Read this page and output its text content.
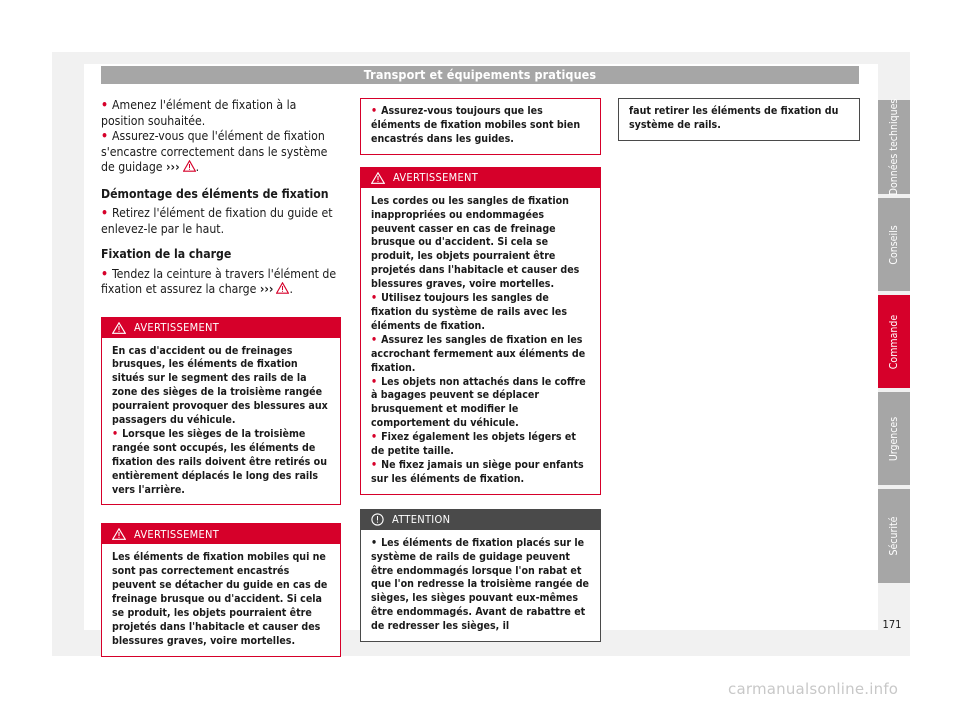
Transport et équipements pratiques

• Amenez l'élément de fixation à la position souhaitée.

• Assurez-vous que l'élément de fixation s'encastre correctement dans le système de guidage ››› .

Démontage des éléments de fixation

• Retirez l'élément de fixation du guide et enlevez-le par le haut.

Fixation de la charge

• Tendez la ceinture à travers l'élément de fixation et assurez la charge ››› .

AVERTISSEMENT

En cas d'accident ou de freinages brusques, les éléments de fixation situés sur le segment des rails de la zone des sièges de la troisième rangée pourraient provoquer des blessures aux passagers du véhicule.

• Lorsque les sièges de la troisième rangée sont occupés, les éléments de fixation des rails doivent être retirés ou entièrement déplacés le long des rails vers l'arrière.

AVERTISSEMENT

Les éléments de fixation mobiles qui ne sont pas correctement encastrés peuvent se détacher du guide en cas de freinage brusque ou d'accident. Si cela se produit, les objets pourraient être projetés dans l'habitacle et causer des blessures graves, voire mortelles.

• Assurez-vous toujours que les éléments de fixation mobiles sont bien encastrés dans les guides.

AVERTISSEMENT

Les cordes ou les sangles de fixation inappropriées ou endommagées peuvent casser en cas de freinage brusque ou d'accident. Si cela se produit, les objets pourraient être projetés dans l'habitacle et causer des blessures graves, voire mortelles.

• Utilisez toujours les sangles de fixation du système de rails avec les éléments de fixation.

• Assurez les sangles de fixation en les accrochant fermement aux éléments de fixation.

• Les objets non attachés dans le coffre à bagages peuvent se déplacer brusquement et modifier le comportement du véhicule.

• Fixez également les objets légers et de petite taille.

• Ne fixez jamais un siège pour enfants sur les éléments de fixation.

ATTENTION

• Les éléments de fixation placés sur le système de rails de guidage peuvent être endommagés lorsque l'on rabat et que l'on redresse la troisième rangée de sièges, les sièges pouvant eux-mêmes être endommagés. Avant de rabattre et de redresser les sièges, il

faut retirer les éléments de fixation du système de rails.	Données techniques
Conseils
Commande
Urgences
Sécurité
171
carmanualsonline.info
